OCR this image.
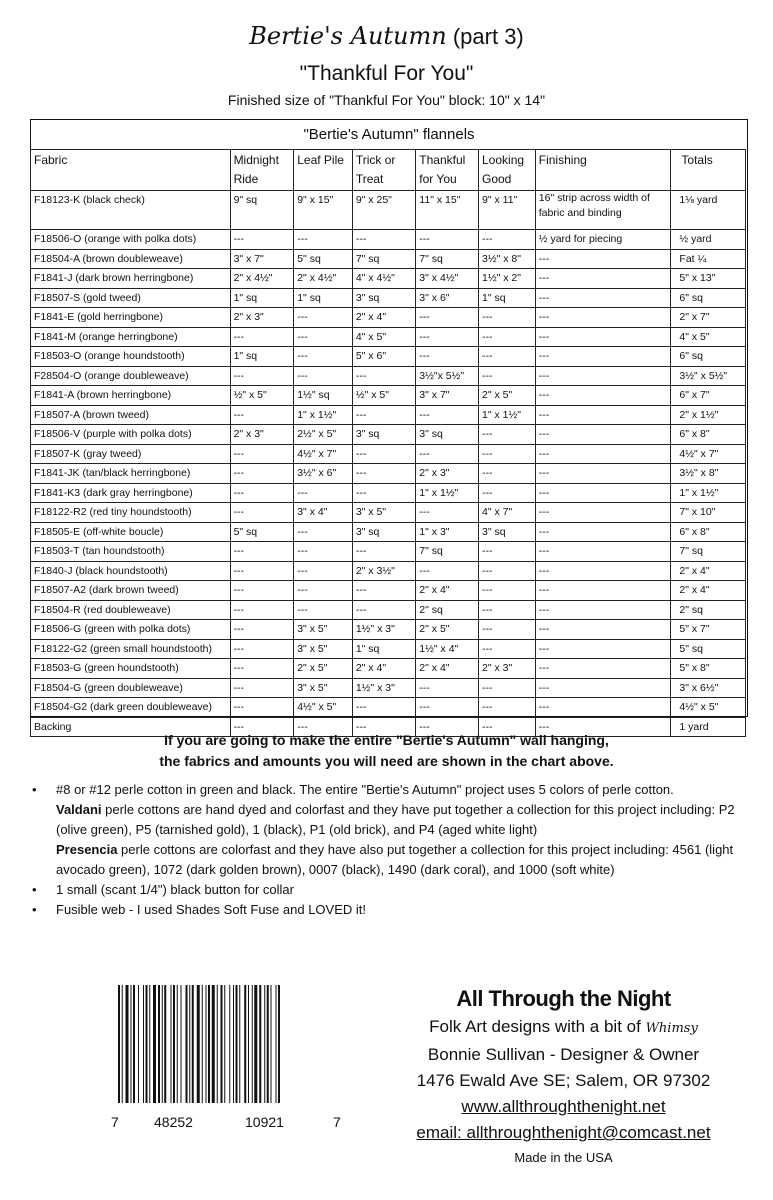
Bertie's Autumn (part 3)
"Thankful For You"
Finished size of "Thankful For You" block: 10" x 14"
"Bertie's Autumn" flannels
Fabric	Midnight Ride	Leaf Pile	Trick or Treat	Thankful for You	Looking Good	Finishing	Totals
F18123-K (black check)	9" sq	9" x 15"	9" x 25"	11" x 15"	9" x 11"	16" strip across width of fabric and binding	1⅛ yard
F18506-O (orange with polka dots)	---	---	---	---	---	½ yard for piecing	½ yard
F18504-A (brown doubleweave)	3" x 7"	5" sq	7" sq	7" sq	3½" x 8"	---	Fat ¼
F1841-J (dark brown herringbone)	2" x 4½"	2" x 4½"	4" x 4½"	3" x 4½"	1½" x 2"	---	5" x 13"
F18507-S (gold tweed)	1" sq	1" sq	3" sq	3" x 6"	1" sq	---	6" sq
F1841-E (gold herringbone)	2" x 3"	---	2" x 4"	---	---	---	2" x 7"
F1841-M (orange herringbone)	---	---	4" x 5"	---	---	---	4" x 5"
F18503-O (orange houndstooth)	1" sq	---	5" x 6"	---	---	---	6" sq
F28504-O (orange doubleweave)	---	---	---	3½"x 5½"	---	---	3½" x 5½"
F1841-A (brown herringbone)	½" x 5"	1½" sq	½" x 5"	3" x 7"	2" x 5"	---	6" x 7"
F18507-A (brown tweed)	---	1" x 1½"	---	---	1" x 1½"	---	2" x 1½"
F18506-V (purple with polka dots)	2" x 3"	2½" x 5"	3" sq	3" sq	---	---	6" x 8"
F18507-K (gray tweed)	---	4½" x 7"	---	---	---	---	4½" x 7"
F1841-JK (tan/black herringbone)	---	3½" x 6"	---	2" x 3"	---	---	3½" x 8"
F1841-K3 (dark gray herringbone)	---	---	---	1" x 1½"	---	---	1" x 1½"
F18122-R2 (red tiny houndstooth)	---	3" x 4"	3" x 5"	---	4" x 7"	---	7" x 10"
F18505-E (off-white boucle)	5" sq	---	3" sq	1" x 3"	3" sq	---	6" x 8"
F18503-T (tan houndstooth)	---	---	---	7" sq	---	---	7" sq
F1840-J (black houndstooth)	---	---	2" x 3½"	---	---	---	2" x 4"
F18507-A2 (dark brown tweed)	---	---	---	2" x 4"	---	---	2" x 4"
F18504-R (red doubleweave)	---	---	---	2" sq	---	---	2" sq
F18506-G (green with polka dots)	---	3" x 5"	1½" x 3"	2" x 5"	---	---	5" x 7"
F18122-G2 (green small houndstooth)	---	3" x 5"	1" sq	1½" x 4"	---	---	5" sq
F18503-G (green houndstooth)	---	2" x 5"	2" x 4"	2" x 4"	2" x 3"	---	5" x 8"
F18504-G (green doubleweave)	---	3" x 5"	1½" x 3"	---	---	---	3" x 6½"
F18504-G2 (dark green doubleweave)	---	4½" x 5"	---	---	---	---	4½" x 5"
Backing	---	---	---	---	---	---	1 yard
If you are going to make the entire "Bertie's Autumn" wall hanging,
the fabrics and amounts you will need are shown in the chart above.
• #8 or #12 perle cotton in green and black. The entire "Bertie's Autumn" project uses 5 colors of perle cotton.
Valdani perle cottons are hand dyed and colorfast and they have put together a collection for this project including: P2 (olive green), P5 (tarnished gold), 1 (black), P1 (old brick), and P4 (aged white light)
Presencia perle cottons are colorfast and they have also put together a collection for this project including: 4561 (light avocado green), 1072 (dark golden brown), 0007 (black), 1490 (dark coral), and 1000 (soft white)
• 1 small (scant 1/4") black button for collar
• Fusible web - I used Shades Soft Fuse and LOVED it!
7	48252	10921	7
All Through the Night
Folk Art designs with a bit of Whimsy
Bonnie Sullivan - Designer & Owner
1476 Ewald Ave SE; Salem, OR 97302
www.allthroughthenight.net
email: allthroughthenight@comcast.net
Made in the USA
